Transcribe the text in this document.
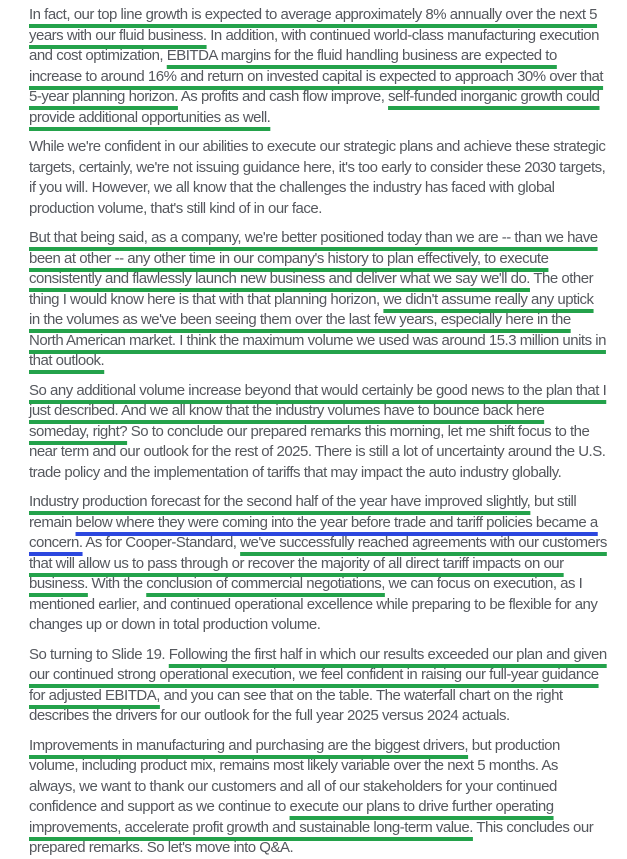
In fact, our top line growth is expected to average approximately 8% annually over the next 5 years with our fluid business. In addition, with continued world-class manufacturing execution and cost optimization, EBITDA margins for the fluid handling business are expected to increase to around 16% and return on invested capital is expected to approach 30% over that 5-year planning horizon. As profits and cash flow improve, self-funded inorganic growth could provide additional opportunities as well.

While we're confident in our abilities to execute our strategic plans and achieve these strategic targets, certainly, we're not issuing guidance here, it's too early to consider these 2030 targets, if you will. However, we all know that the challenges the industry has faced with global production volume, that's still kind of in our face.

But that being said, as a company, we're better positioned today than we are -- than we have been at other -- any other time in our company's history to plan effectively, to execute consistently and flawlessly launch new business and deliver what we say we'll do. The other thing I would know here is that with that planning horizon, we didn't assume really any uptick in the volumes as we've been seeing them over the last few years, especially here in the North American market. I think the maximum volume we used was around 15.3 million units in that outlook.

So any additional volume increase beyond that would certainly be good news to the plan that I just described. And we all know that the industry volumes have to bounce back here someday, right? So to conclude our prepared remarks this morning, let me shift focus to the near term and our outlook for the rest of 2025. There is still a lot of uncertainty around the U.S. trade policy and the implementation of tariffs that may impact the auto industry globally.

Industry production forecast for the second half of the year have improved slightly, but still remain below where they were coming into the year before trade and tariff policies became a concern. As for Cooper-Standard, we've successfully reached agreements with our customers that will allow us to pass through or recover the majority of all direct tariff impacts on our business. With the conclusion of commercial negotiations, we can focus on execution, as I mentioned earlier, and continued operational excellence while preparing to be flexible for any changes up or down in total production volume.

So turning to Slide 19. Following the first half in which our results exceeded our plan and given our continued strong operational execution, we feel confident in raising our full-year guidance for adjusted EBITDA, and you can see that on the table. The waterfall chart on the right describes the drivers for our outlook for the full year 2025 versus 2024 actuals.

Improvements in manufacturing and purchasing are the biggest drivers, but production volume, including product mix, remains most likely variable over the next 5 months. As always, we want to thank our customers and all of our stakeholders for your continued confidence and support as we continue to execute our plans to drive further operating improvements, accelerate profit growth and sustainable long-term value. This concludes our prepared remarks. So let's move into Q&A.
